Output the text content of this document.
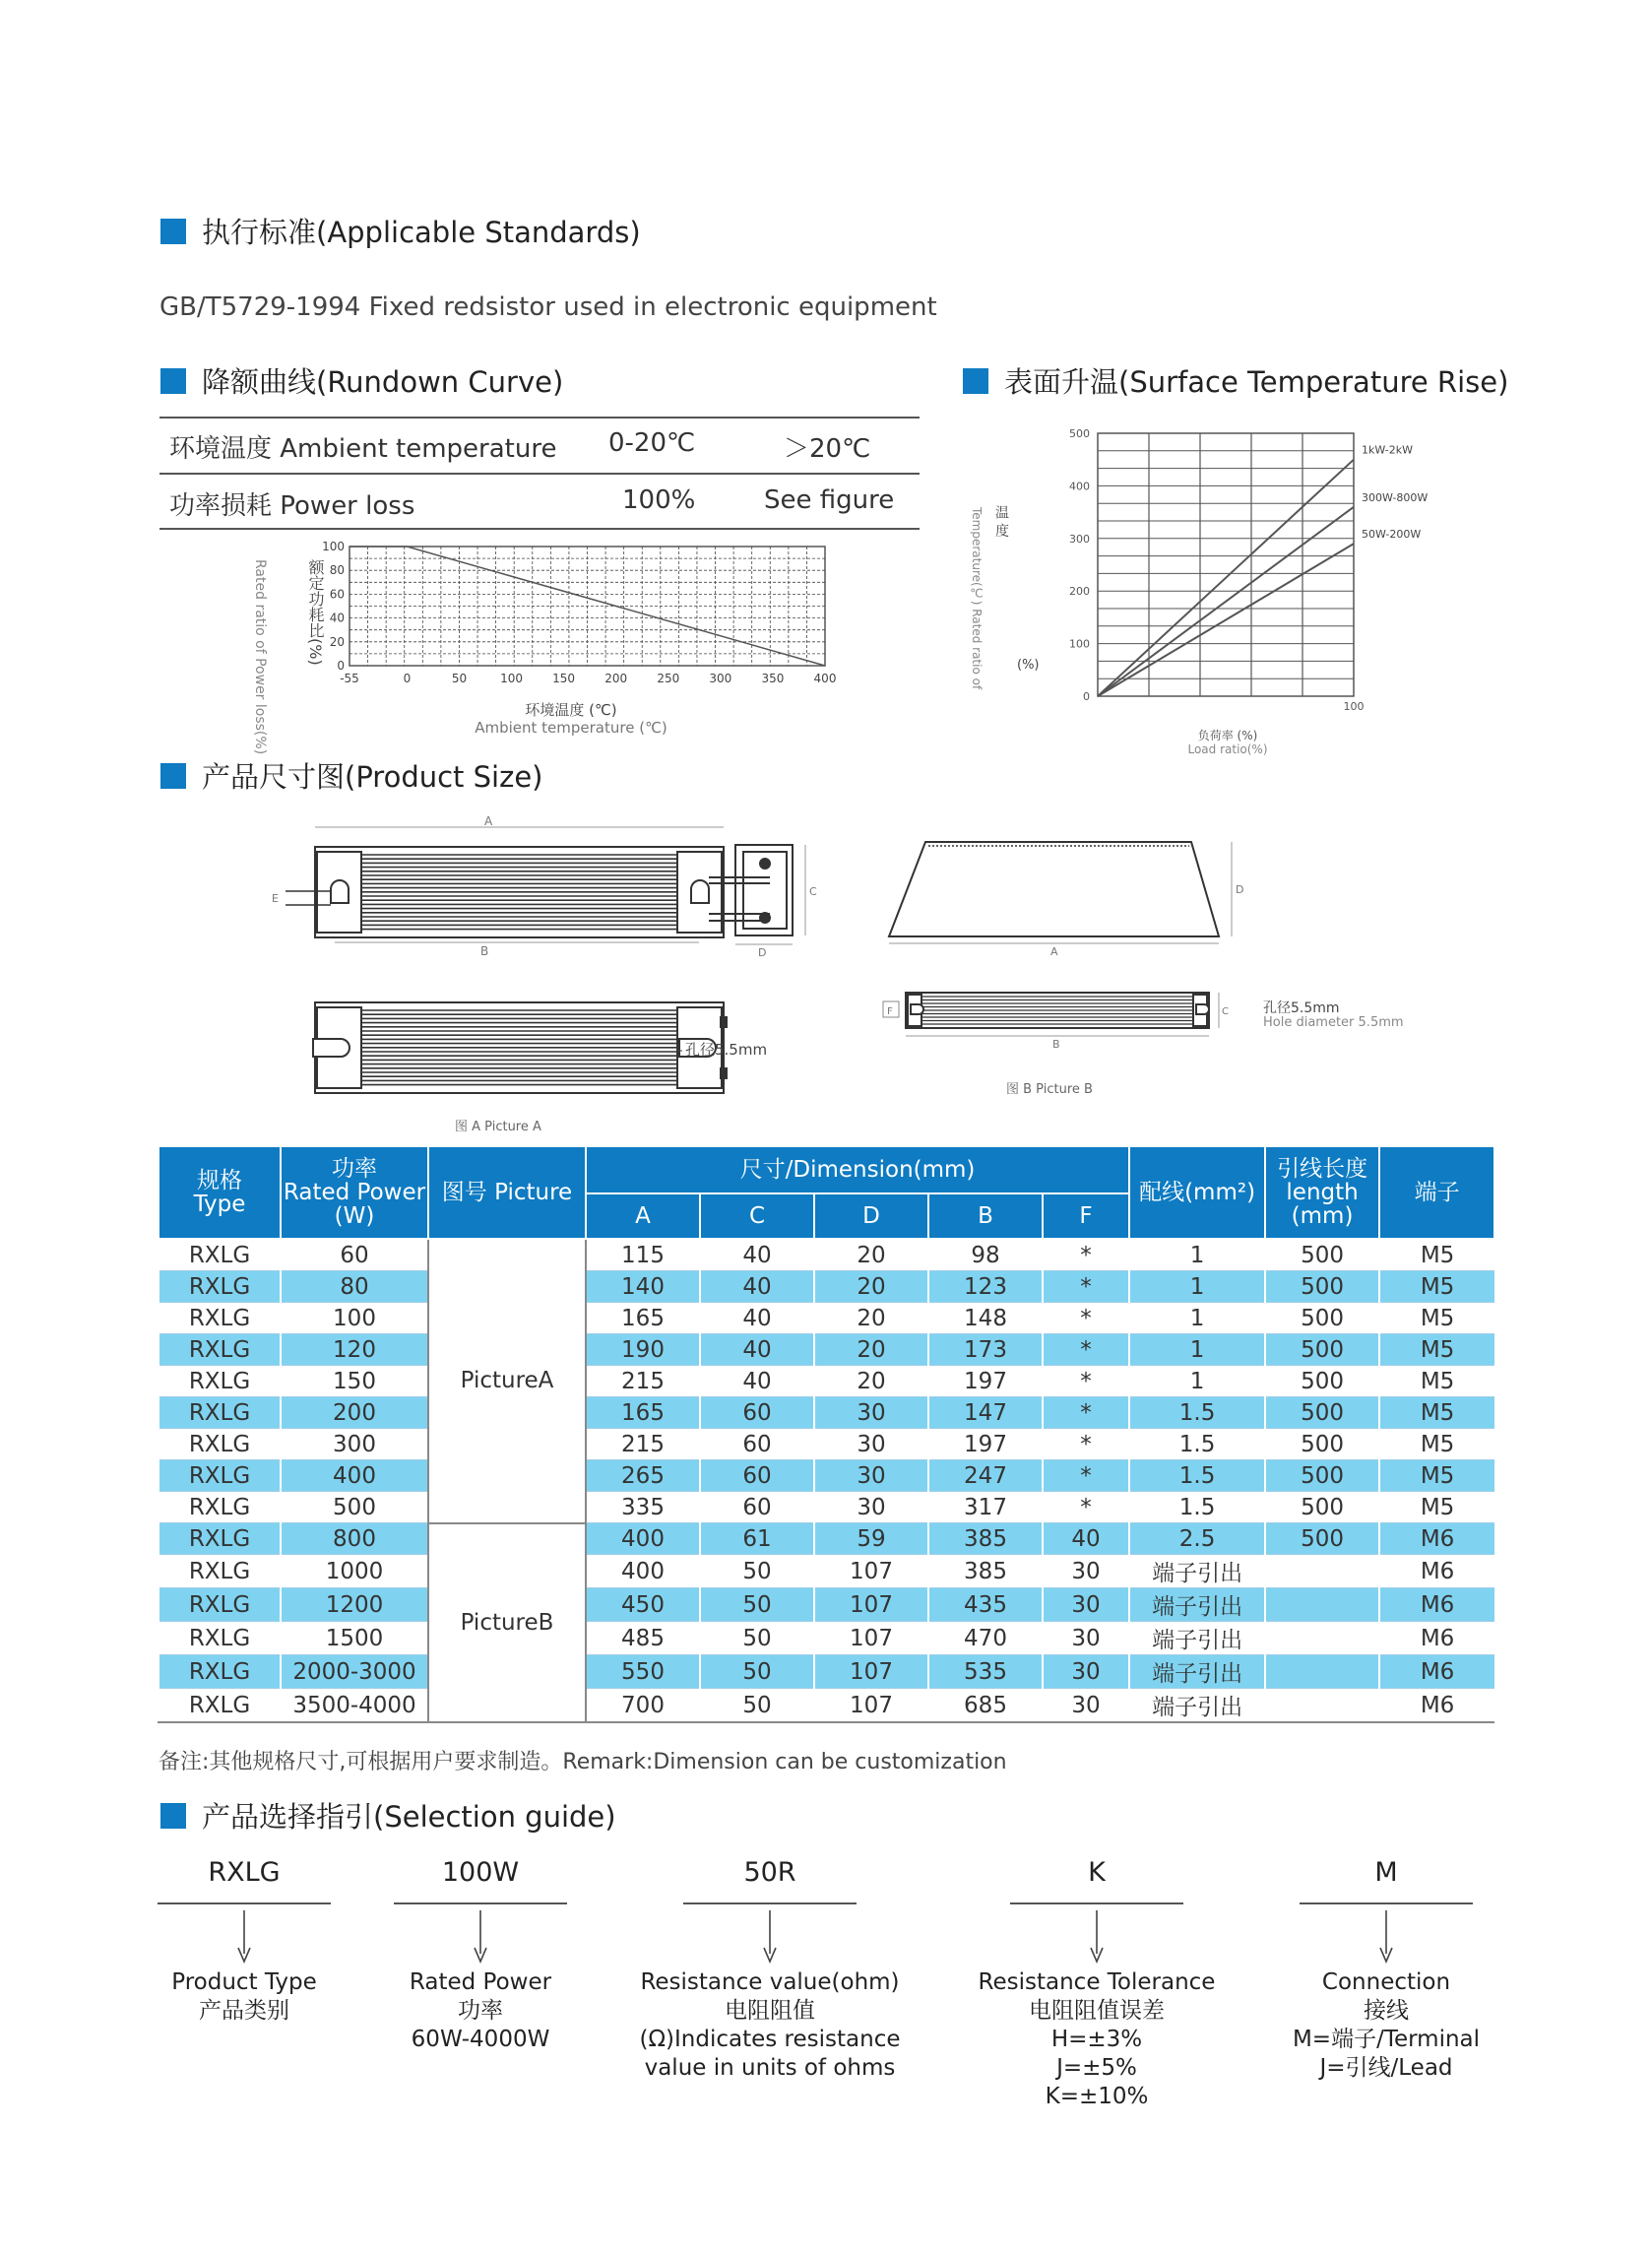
执行标准(Applicable Standards)
GB/T5729-1994 Fixed redsistor used in electronic equipment
降额曲线(Rundown Curve)
环境温度 Ambient temperature 0-20℃	＞20℃
功率损耗 Power loss	100%	See figure
-55	0	50	100	150	200	250	300	350	400
0
20
40
60
80
100
环境温度 (℃)
Ambient temperature (℃)
Rated ratio of Power loss(%) 额定功耗比(%)
表面升温(Surface Temperature Rise)
0
100
200
300
400
500
100
1kW-2kW
300W-800W
50W-200W
负荷率 (%)
Load ratio(%)
Temperature(℃) Rated ratio of 温 度
(%)
产品尺寸图(Product Size)
A
B
E
C
D
孔径5.5mm
图 A Picture A
A
D
F
B
C	孔径5.5mm
Hole diameter 5.5mm
图 B Picture B
规格
Type	功率
Rated Power
(W)	图号 Picture	尺寸/Dimension(mm)					配线(mm²)	引线长度
length
(mm)	端子
			A	C	D	B	F			
RXLG	60	PictureA	115	40	20	98	*	1	500	M5
RXLG	80		140	40	20	123	*	1	500	M5
RXLG	100		165	40	20	148	*	1	500	M5
RXLG	120		190	40	20	173	*	1	500	M5
RXLG	150		215	40	20	197	*	1	500	M5
RXLG	200		165	60	30	147	*	1.5	500	M5
RXLG	300		215	60	30	197	*	1.5	500	M5
RXLG	400		265	60	30	247	*	1.5	500	M5
RXLG	500		335	60	30	317	*	1.5	500	M5
RXLG	800	PictureB	400	61	59	385	40	2.5	500	M6
RXLG	1000		400	50	107	385	30	端子引出		M6
RXLG	1200		450	50	107	435	30	端子引出		M6
RXLG	1500		485	50	107	470	30	端子引出		M6
RXLG	2000-3000		550	50	107	535	30	端子引出		M6
RXLG	3500-4000		700	50	107	685	30	端子引出		M6
备注:其他规格尺寸,可根据用户要求制造。Remark:Dimension can be customization
产品选择指引(Selection guide)
RXLG
Product Type
产品类别
100W
Rated Power
功率
60W-4000W
50R
Resistance value(ohm)
电阻阻值
(Ω)Indicates resistance
value in units of ohms
K
Resistance Tolerance
电阻阻值误差
H=±3%
J=±5%
K=±10%
M
Connection
接线
M=端子/Terminal
J=引线/Lead
